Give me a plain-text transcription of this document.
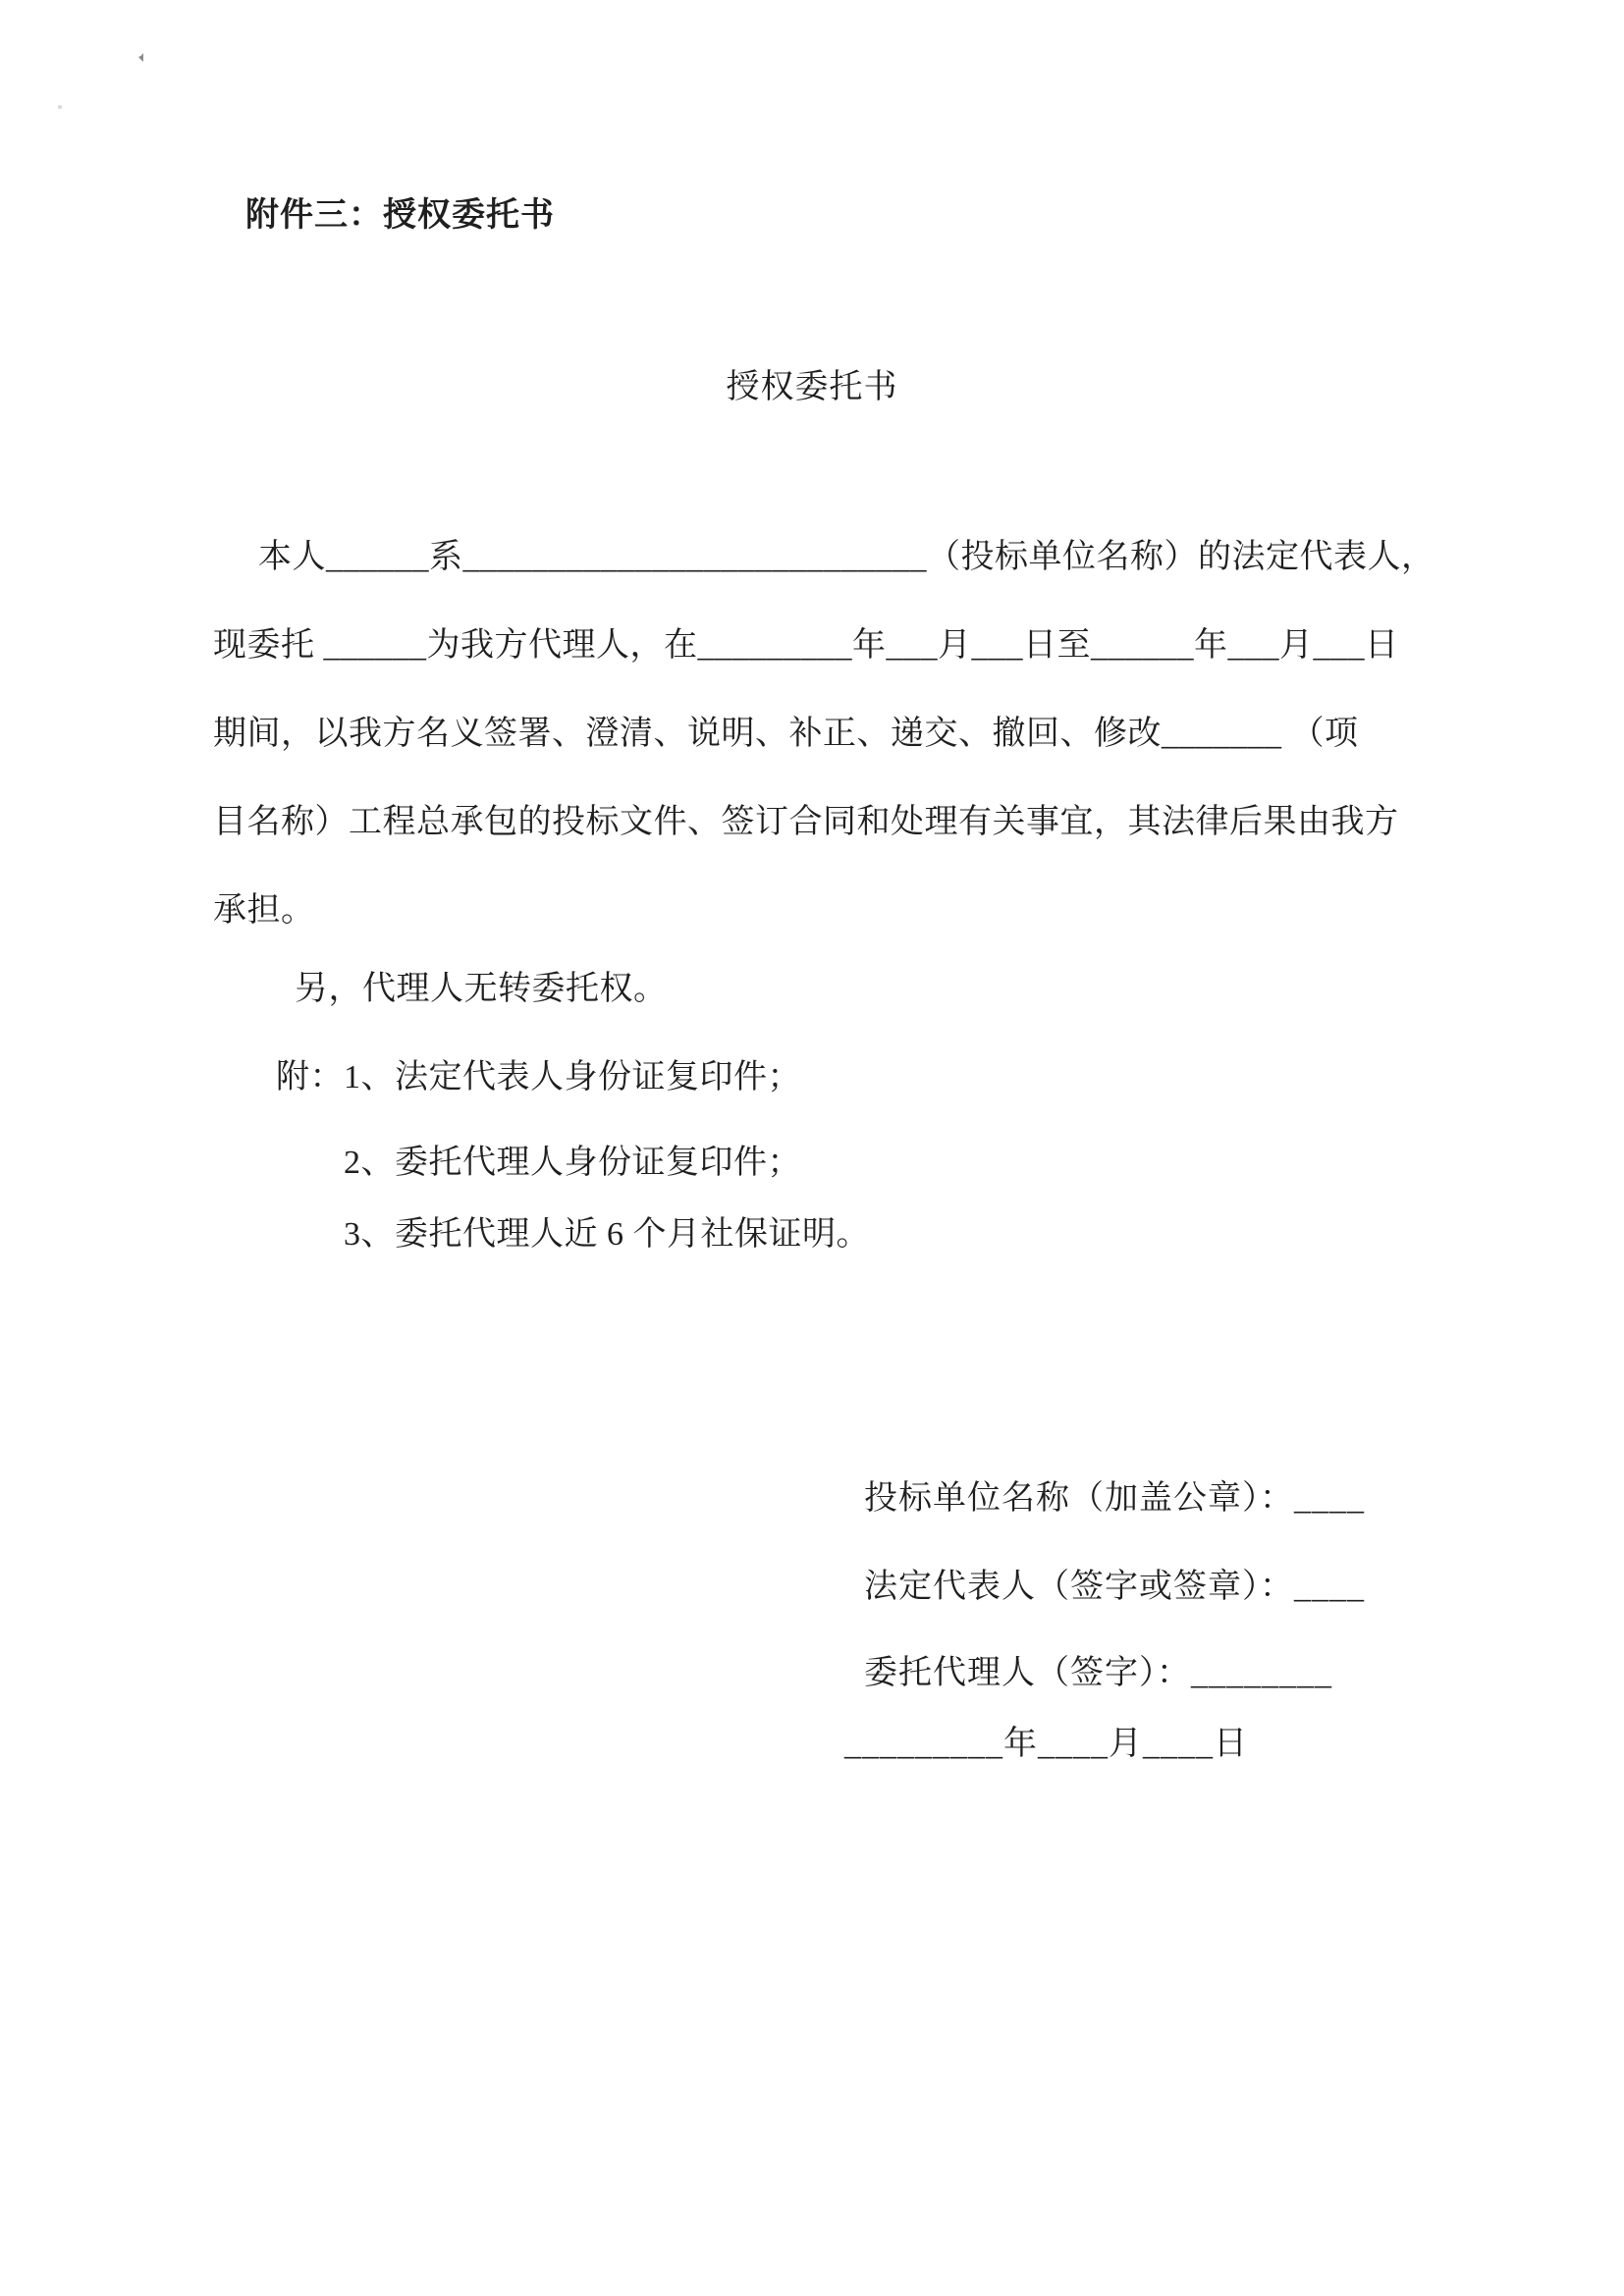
附件三：授权委托书
授权委托书
本人______系___________________________（投标单位名称）的法定代表人，
现委托 ______为我方代理人，在_________年___月___日至______年___月___日
期间，以我方名义签署、澄清、说明、补正、递交、撤回、修改_______ （项
目名称）工程总承包的投标文件、签订合同和处理有关事宜，其法律后果由我方
承担。
另，代理人无转委托权。
附：1、法定代表人身份证复印件；
2、委托代理人身份证复印件；
3、委托代理人近 6 个月社保证明。
投标单位名称（加盖公章）：____
法定代表人（签字或签章）：____
委托代理人（签字）：________
_________年____月____日
